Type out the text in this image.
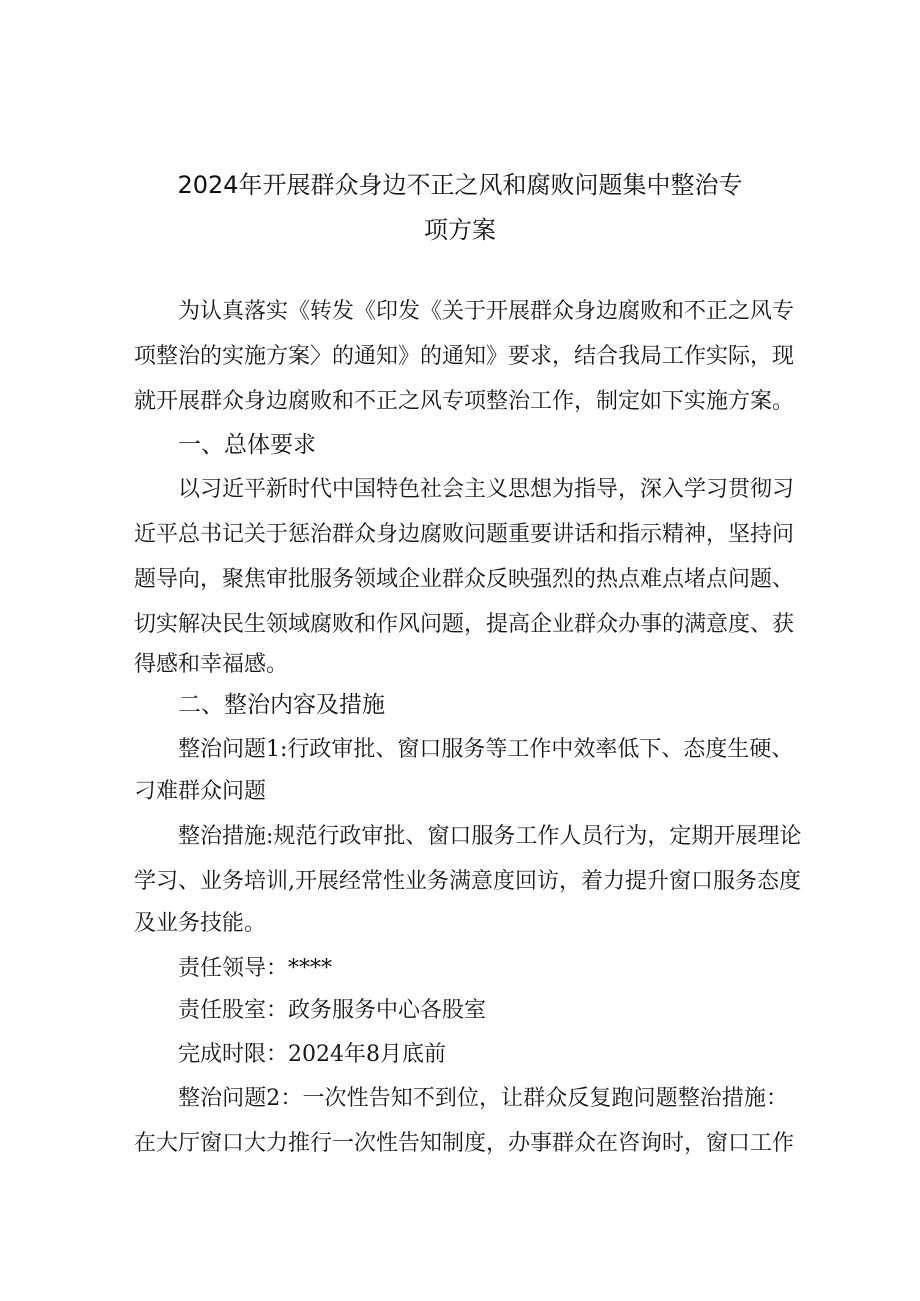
2024年开展群众身边不正之风和腐败问题集中整治专
项方案
为认真落实《转发《印发《关于开展群众身边腐败和不正之风专
项整治的实施方案〉的通知》的通知》要求，结合我局工作实际，现
就开展群众身边腐败和不正之风专项整治工作，制定如下实施方案。
一、总体要求
以习近平新时代中国特色社会主义思想为指导，深入学习贯彻习
近平总书记关于惩治群众身边腐败问题重要讲话和指示精神，坚持问
题导向，聚焦审批服务领域企业群众反映强烈的热点难点堵点问题、
切实解决民生领域腐败和作风问题，提高企业群众办事的满意度、获
得感和幸福感。
二、整治内容及措施
整治问题1:行政审批、窗口服务等工作中效率低下、态度生硬、
刁难群众问题
整治措施:规范行政审批、窗口服务工作人员行为，定期开展理论
学习、业务培训,开展经常性业务满意度回访，着力提升窗口服务态度
及业务技能。
责任领导：****
责任股室：政务服务中心各股室
完成时限：2024年8月底前
整治问题2：一次性告知不到位，让群众反复跑问题整治措施：
在大厅窗口大力推行一次性告知制度，办事群众在咨询时，窗口工作
